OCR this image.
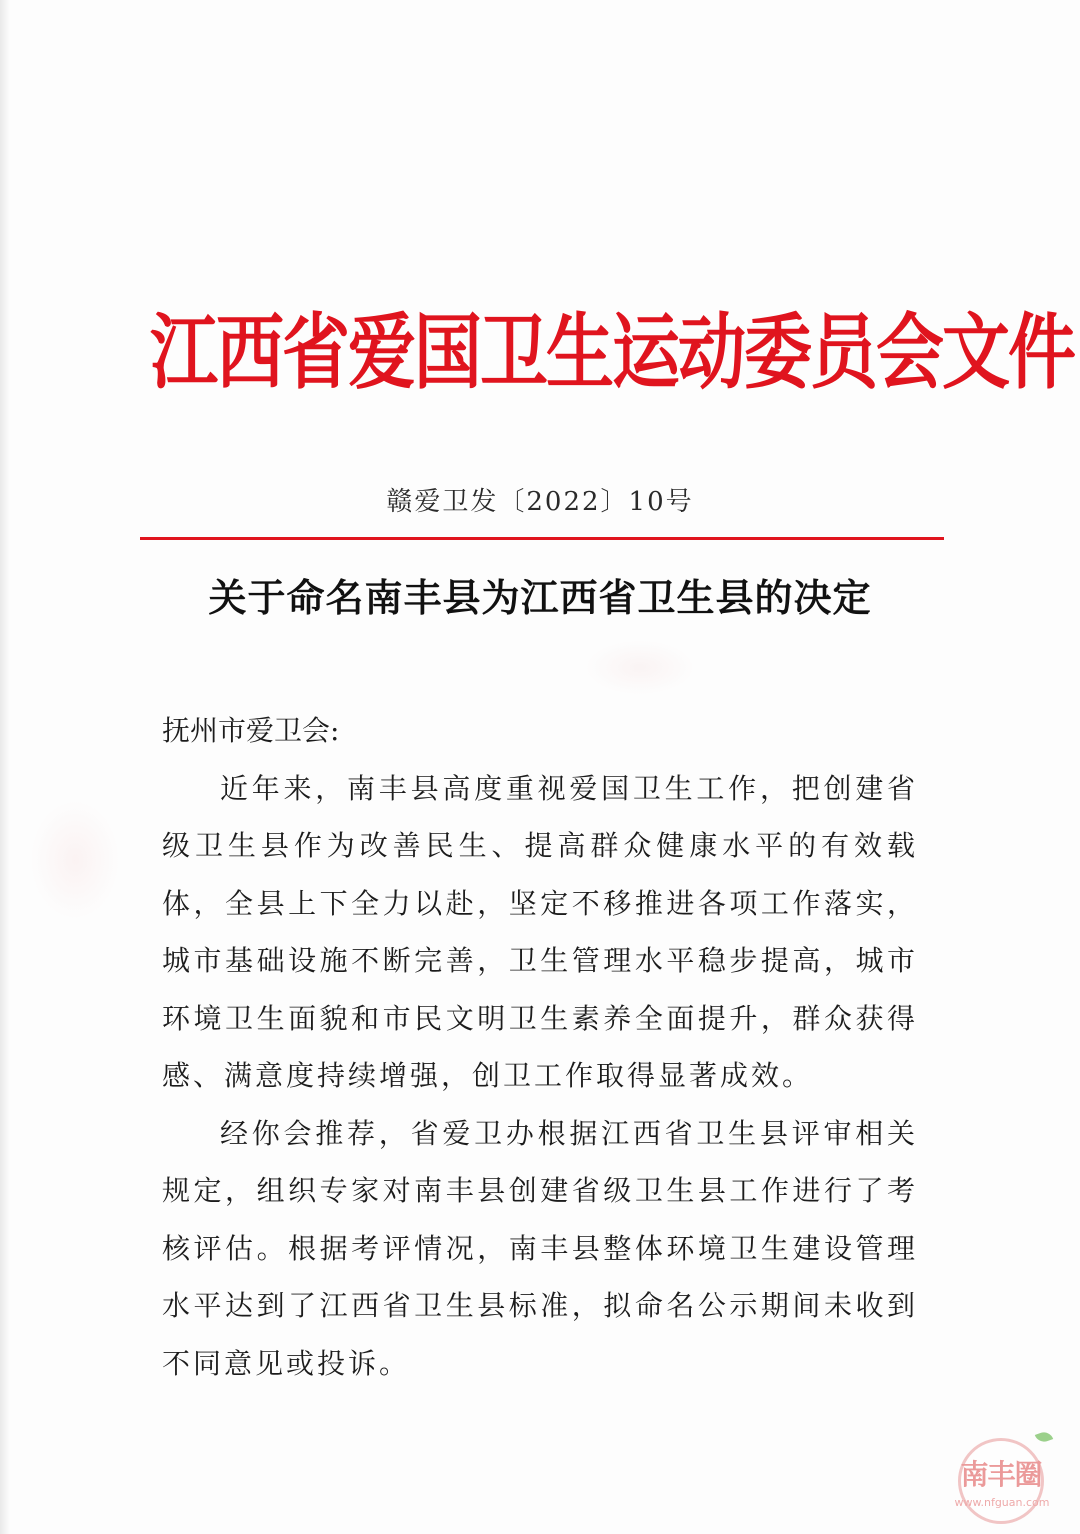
江西省爱国卫生运动委员会文件
赣爱卫发〔2022〕10号
关于命名南丰县为江西省卫生县的决定

抚州市爱卫会:

近年来，南丰县高度重视爱国卫生工作，把创建省级卫生县作为改善民生、提高群众健康水平的有效载体，全县上下全力以赴，坚定不移推进各项工作落实，城市基础设施不断完善，卫生管理水平稳步提高，城市环境卫生面貌和市民文明卫生素养全面提升，群众获得感、满意度持续增强，创卫工作取得显著成效。

经你会推荐，省爱卫办根据江西省卫生县评审相关规定，组织专家对南丰县创建省级卫生县工作进行了考核评估。根据考评情况，南丰县整体环境卫生建设管理水平达到了江西省卫生县标准，拟命名公示期间未收到不同意见或投诉。

南丰圈
www.nfguan.com
